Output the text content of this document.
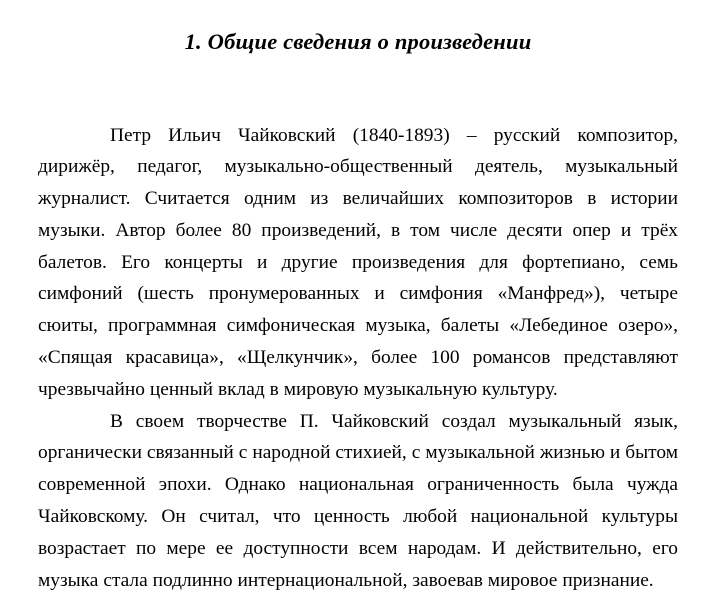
1. Общие сведения о произведении

Петр Ильич Чайковский (1840-1893) – русский композитор, дирижёр, педагог, музыкально-общественный деятель, музыкальный журналист. Считается одним из величайших композиторов в истории музыки. Автор более 80 произведений, в том числе десяти опер и трёх балетов. Его концерты и другие произведения для фортепиано, семь симфоний (шесть пронумерованных и симфония «Манфред»), четыре сюиты, программная симфоническая музыка, балеты «Лебединое озеро», «Спящая красавица», «Щелкунчик», более 100 романсов представляют чрезвычайно ценный вклад в мировую музыкальную культуру.

В своем творчестве П. Чайковский создал музыкальный язык, органически связанный с народной стихией, с музыкальной жизнью и бытом современной эпохи. Однако национальная ограниченность была чужда Чайковскому. Он считал, что ценность любой национальной культуры возрастает по мере ее доступности всем народам. И действительно, его музыка стала подлинно интернациональной, завоевав мировое признание.
